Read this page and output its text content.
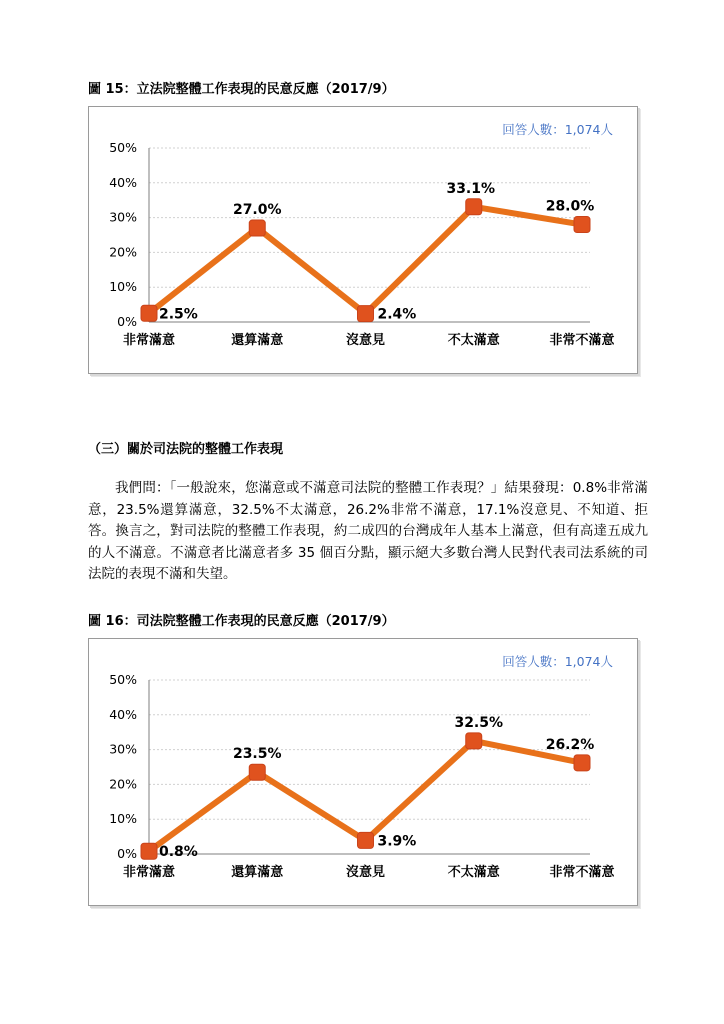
圖 15：立法院整體工作表現的民意反應（2017/9）
回答人數：1,074人
0%
10%
20%
30%
40%
50%
非常滿意	還算滿意	沒意見	不太滿意	非常不滿意
2.5%
27.0%
2.4%
33.1%
28.0%
（三）關於司法院的整體工作表現
我們問：「一般說來，您滿意或不滿意司法院的整體工作表現？」結果發現：0.8%非常滿意，23.5%還算滿意，32.5%不太滿意，26.2%非常不滿意，17.1%沒意見、不知道、拒答。換言之，對司法院的整體工作表現，約二成四的台灣成年人基本上滿意，但有高達五成九的人不滿意。不滿意者比滿意者多 35 個百分點，顯示絕大多數台灣人民對代表司法系統的司法院的表現不滿和失望。
圖 16：司法院整體工作表現的民意反應（2017/9）
回答人數：1,074人
0%
10%
20%
30%
40%
50%
非常滿意	還算滿意	沒意見	不太滿意	非常不滿意
0.8%
23.5%
3.9%
32.5%
26.2%
